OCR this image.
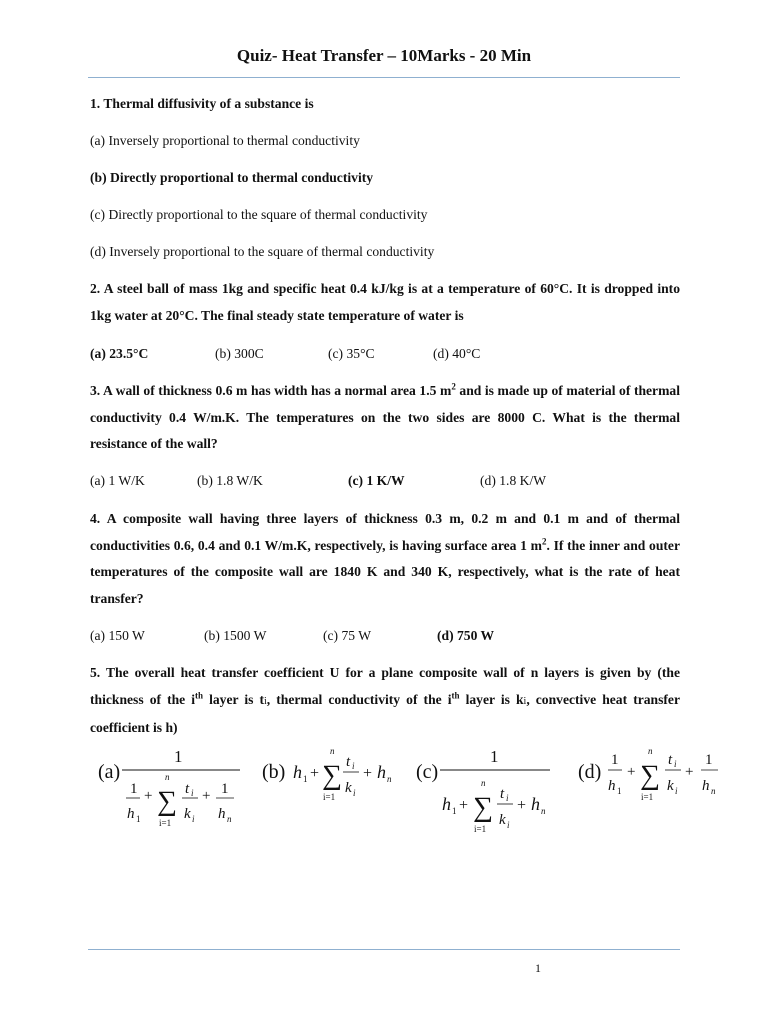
Quiz- Heat Transfer – 10Marks - 20 Min
1. Thermal diffusivity of a substance is
(a) Inversely proportional to thermal conductivity
(b) Directly proportional to thermal conductivity
(c) Directly proportional to the square of thermal conductivity
(d) Inversely proportional to the square of thermal conductivity
2. A steel ball of mass 1kg and specific heat 0.4 kJ/kg is at a temperature of 60°C. It is dropped into 1kg water at 20°C. The final steady state temperature of water is
(a) 23.5°C	(b) 300C	(c) 35°C	(d) 40°C
3. A wall of thickness 0.6 m has width has a normal area 1.5 $m^2$ and is made up of material of thermal conductivity 0.4 W/m.K. The temperatures on the two sides are 8000 C. What is the thermal resistance of the wall?
(a) 1 W/K	(b) 1.8 W/K	(c) 1 K/W	(d) 1.8 K/W
4. A composite wall having three layers of thickness 0.3 m, 0.2 m and 0.1 m and of thermal conductivities 0.6, 0.4 and 0.1 W/m.K, respectively, is having surface area 1 $m^2$. If the inner and outer temperatures of the composite wall are 1840 K and 340 K, respectively, what is the rate of heat transfer?
(a) 150 W	(b) 1500 W	(c) 75 W	(d) 750 W
5. The overall heat transfer coefficient U for a plane composite wall of n layers is given by (the thickness of the $i^{th}$ layer is ti, thermal conductivity of the $i^{th}$ layer is ki, convective heat transfer coefficient is h)
(a)
1
1
h 1
+
n
∑
i=1
t i
k i
+ 1
h n
(b) h 1 +
n
∑
i=1
t i
k i
+ h n (c)
1
h 1 +
n
∑
i=1
t i
k i
+ h n
(d)
1
h 1
+
n
∑
i=1
t i
k i
+
1
h n
1
